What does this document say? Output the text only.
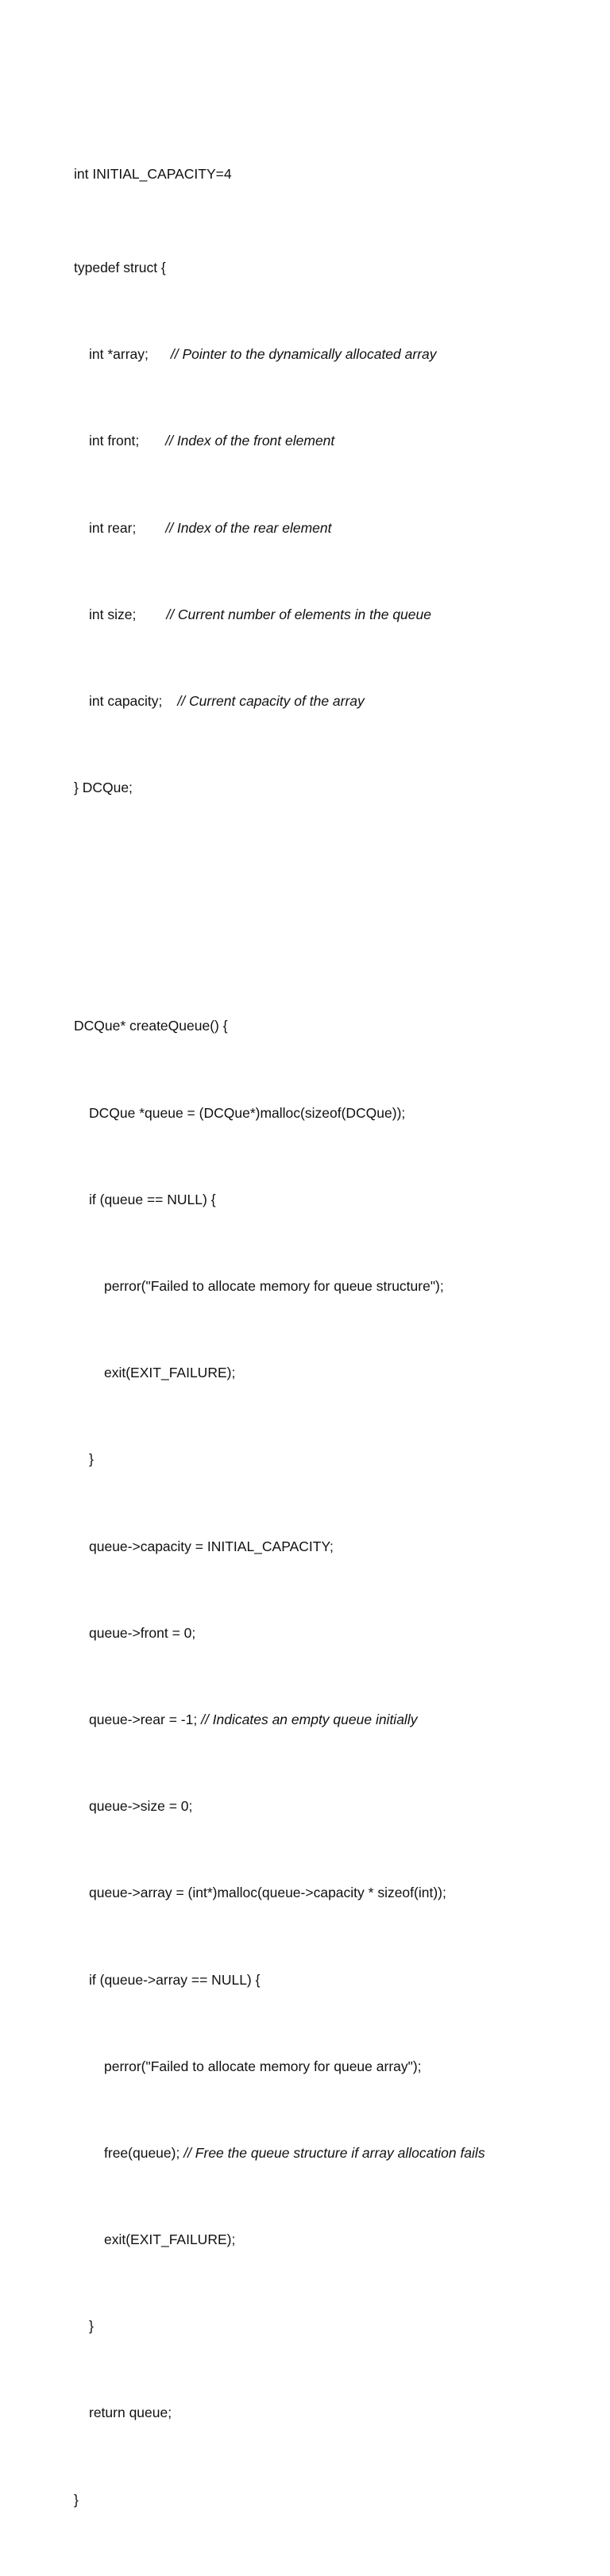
int INITIAL_CAPACITY=4

typedef struct {

int *array; // Pointer to the dynamically allocated array

int front; // Index of the front element

int rear; // Index of the rear element

int size; // Current number of elements in the queue

int capacity; // Current capacity of the array

} DCQue;

DCQue* createQueue() {

DCQue *queue = (DCQue*)malloc(sizeof(DCQue));

if (queue == NULL) {

perror("Failed to allocate memory for queue structure");

exit(EXIT_FAILURE);

}

queue->capacity = INITIAL_CAPACITY;

queue->front = 0;

queue->rear = -1; // Indicates an empty queue initially

queue->size = 0;

queue->array = (int*)malloc(queue->capacity * sizeof(int));

if (queue->array == NULL) {

perror("Failed to allocate memory for queue array");

free(queue); // Free the queue structure if array allocation fails

exit(EXIT_FAILURE);

}

return queue;

}
